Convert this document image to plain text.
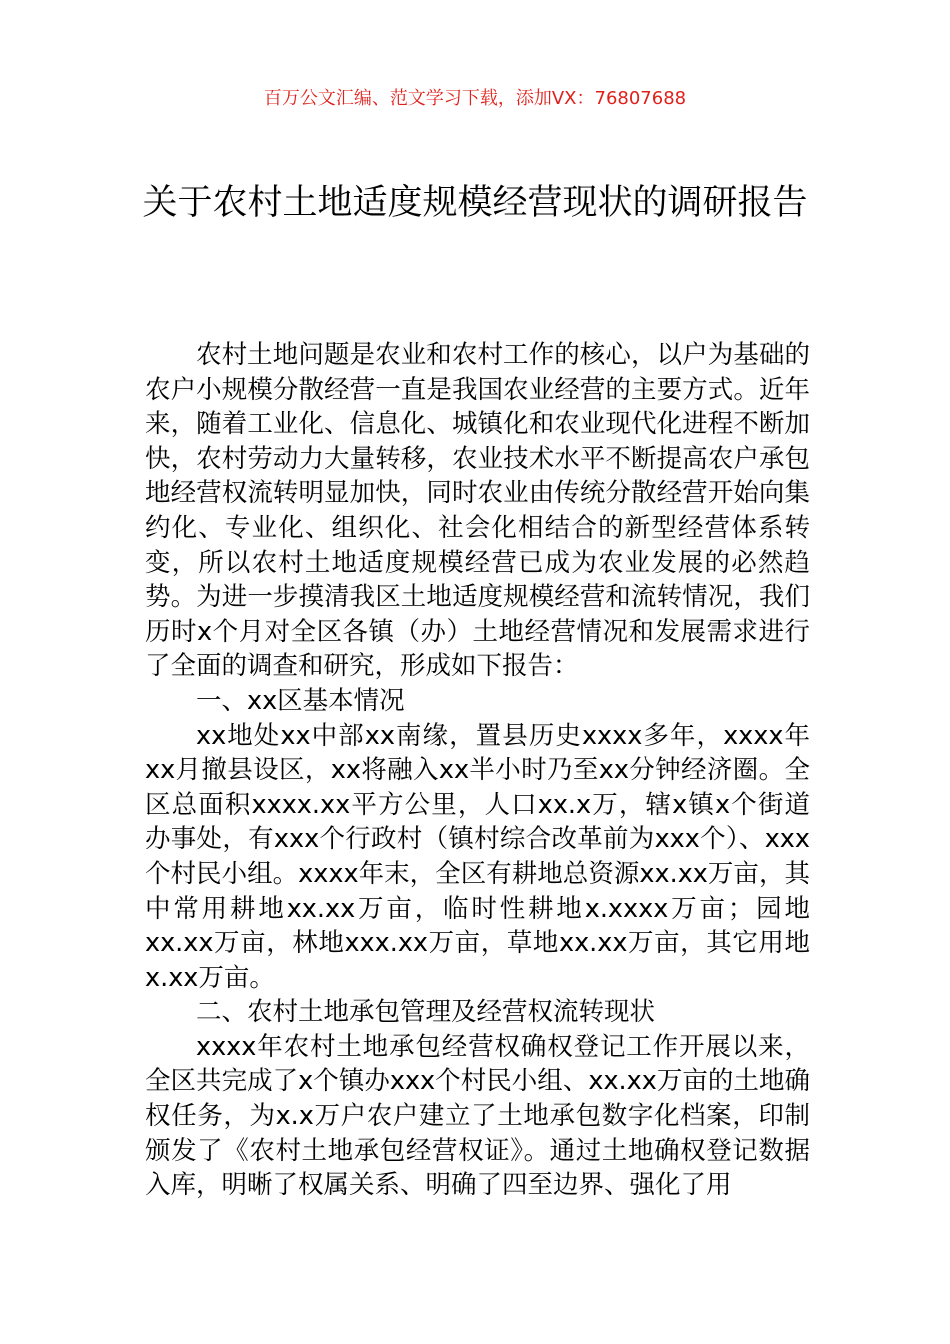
百万公文汇编、范文学习下载，添加VX：76807688
关于农村土地适度规模经营现状的调研报告

农村土地问题是农业和农村工作的核心，以户为基础的农户小规模分散经营一直是我国农业经营的主要方式。近年来，随着工业化、信息化、城镇化和农业现代化进程不断加快，农村劳动力大量转移，农业技术水平不断提高农户承包地经营权流转明显加快，同时农业由传统分散经营开始向集约化、专业化、组织化、社会化相结合的新型经营体系转变，所以农村土地适度规模经营已成为农业发展的必然趋势。为进一步摸清我区土地适度规模经营和流转情况，我们历时x个月对全区各镇（办）土地经营情况和发展需求进行了全面的调查和研究，形成如下报告：

一、xx区基本情况

xx地处xx中部xx南缘，置县历史xxxx多年，xxxx年xx月撤县设区，xx将融入xx半小时乃至xx分钟经济圈。全区总面积xxxx.xx平方公里，人口xx.x万，辖x镇x个街道办事处，有xxx个行政村（镇村综合改革前为xxx个）、xxx个村民小组。xxxx年末，全区有耕地总资源xx.xx万亩，其中常用耕地xx.xx万亩，临时性耕地x.xxxx万亩；园地xx.xx万亩，林地xxx.xx万亩，草地xx.xx万亩，其它用地x.xx万亩。

二、农村土地承包管理及经营权流转现状

xxxx年农村土地承包经营权确权登记工作开展以来，全区共完成了x个镇办xxx个村民小组、xx.xx万亩的土地确权任务，为x.x万户农户建立了土地承包数字化档案，印制颁发了《农村土地承包经营权证》。通过土地确权登记数据入库，明晰了权属关系、明确了四至边界、强化了用
